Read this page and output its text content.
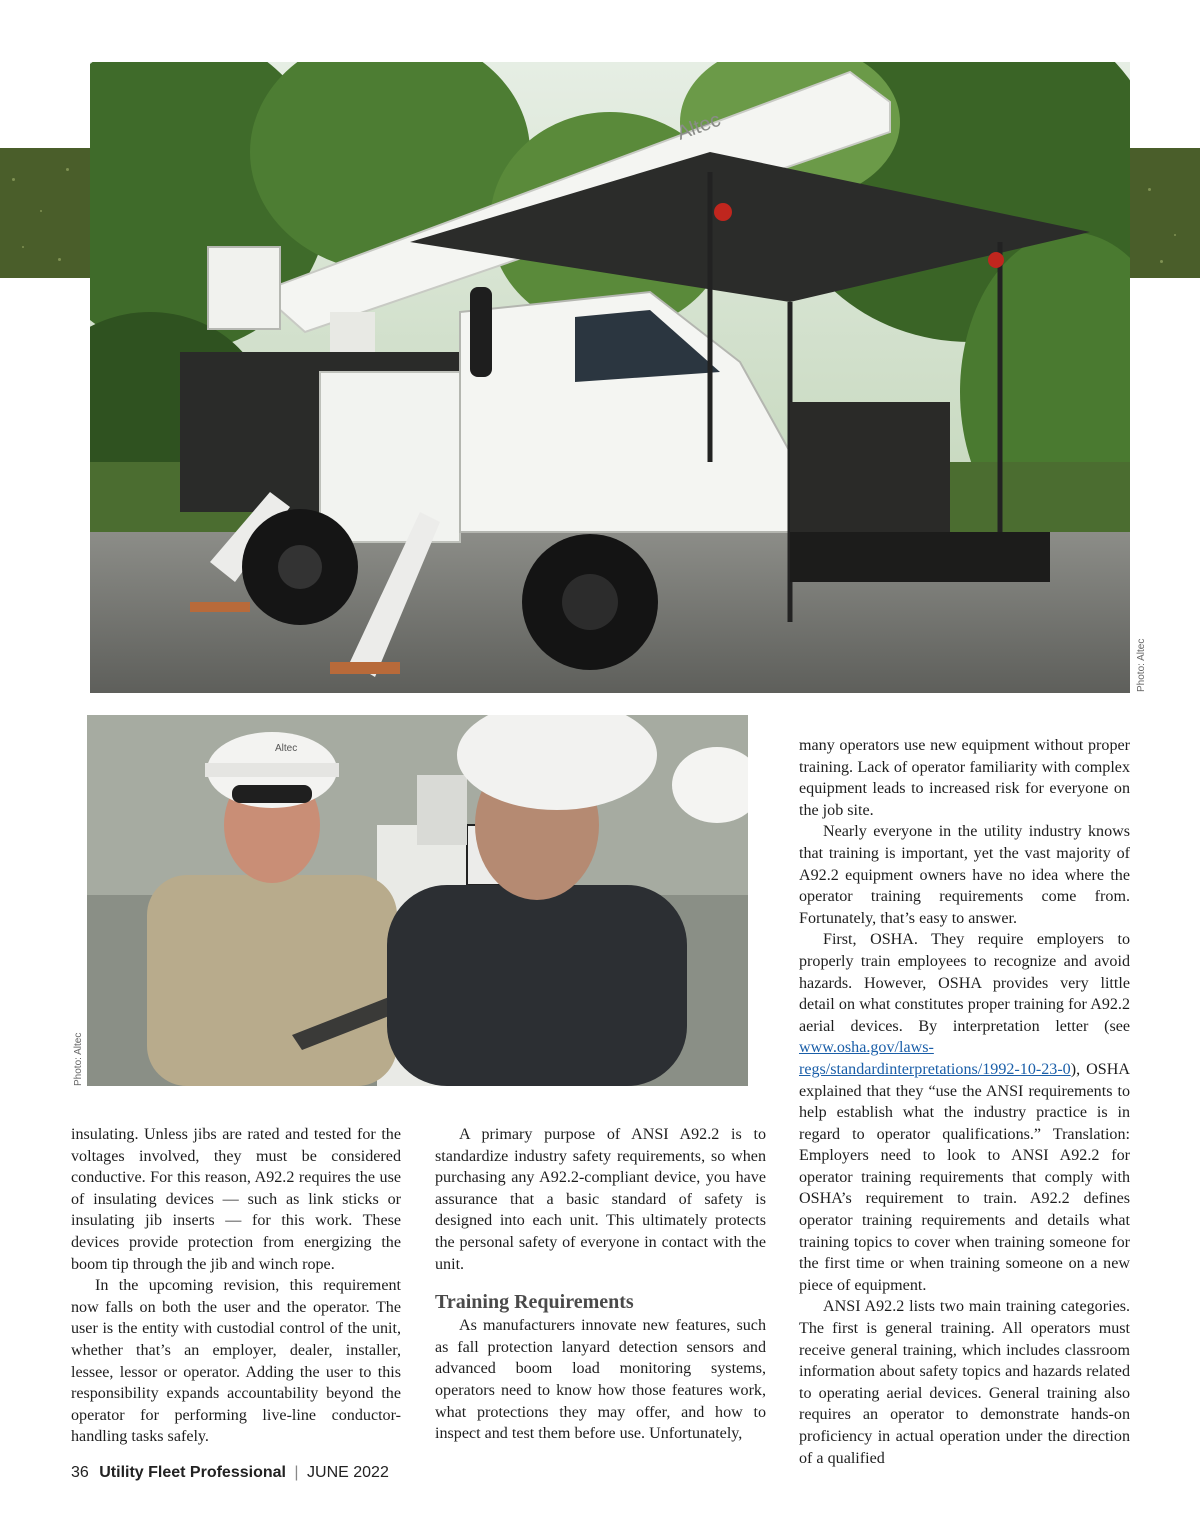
Altec
Photo: Altec
Altec
Photo: Altec

insulating. Unless jibs are rated and tested for the voltages involved, they must be considered conductive. For this reason, A92.2 requires the use of insulating devices — such as link sticks or insulating jib inserts — for this work. These devices provide protection from energizing the boom tip through the jib and winch rope.

In the upcoming revision, this requirement now falls on both the user and the operator. The user is the entity with custodial control of the unit, whether that’s an employer, dealer, installer, lessee, lessor or operator. Adding the user to this responsibility expands accountability beyond the operator for performing live-line conductor-handling tasks safely.

A primary purpose of ANSI A92.2 is to standardize industry safety requirements, so when purchasing any A92.2-compliant device, you have assurance that a basic standard of safety is designed into each unit. This ultimately protects the personal safety of everyone in contact with the unit.

Training Requirements

As manufacturers innovate new features, such as fall protection lanyard detection sensors and advanced boom load monitoring systems, operators need to know how those features work, what protections they may offer, and how to inspect and test them before use. Unfortunately,

many operators use new equipment without proper training. Lack of operator familiarity with complex equipment leads to increased risk for everyone on the job site.

Nearly everyone in the utility industry knows that training is important, yet the vast majority of A92.2 equipment owners have no idea where the operator training requirements come from. Fortunately, that’s easy to answer.

First, OSHA. They require employers to properly train employees to recognize and avoid hazards. However, OSHA provides very little detail on what constitutes proper training for A92.2 aerial devices. By interpretation letter (see www.osha.gov/laws-regs/standardinterpretations/1992-10-23-0), OSHA explained that they “use the ANSI requirements to help establish what the industry practice is in regard to operator qualifications.” Translation: Employers need to look to ANSI A92.2 for operator training requirements that comply with OSHA’s requirement to train. A92.2 defines operator training requirements and details what training topics to cover when training someone for the first time or when training someone on a new piece of equipment.

ANSI A92.2 lists two main training categories. The first is general training. All operators must receive general training, which includes classroom information about safety topics and hazards related to operating aerial devices. General training also requires an operator to demonstrate hands-on proficiency in actual operation under the direction of a qualified

36 Utility Fleet Professional | JUNE 2022
